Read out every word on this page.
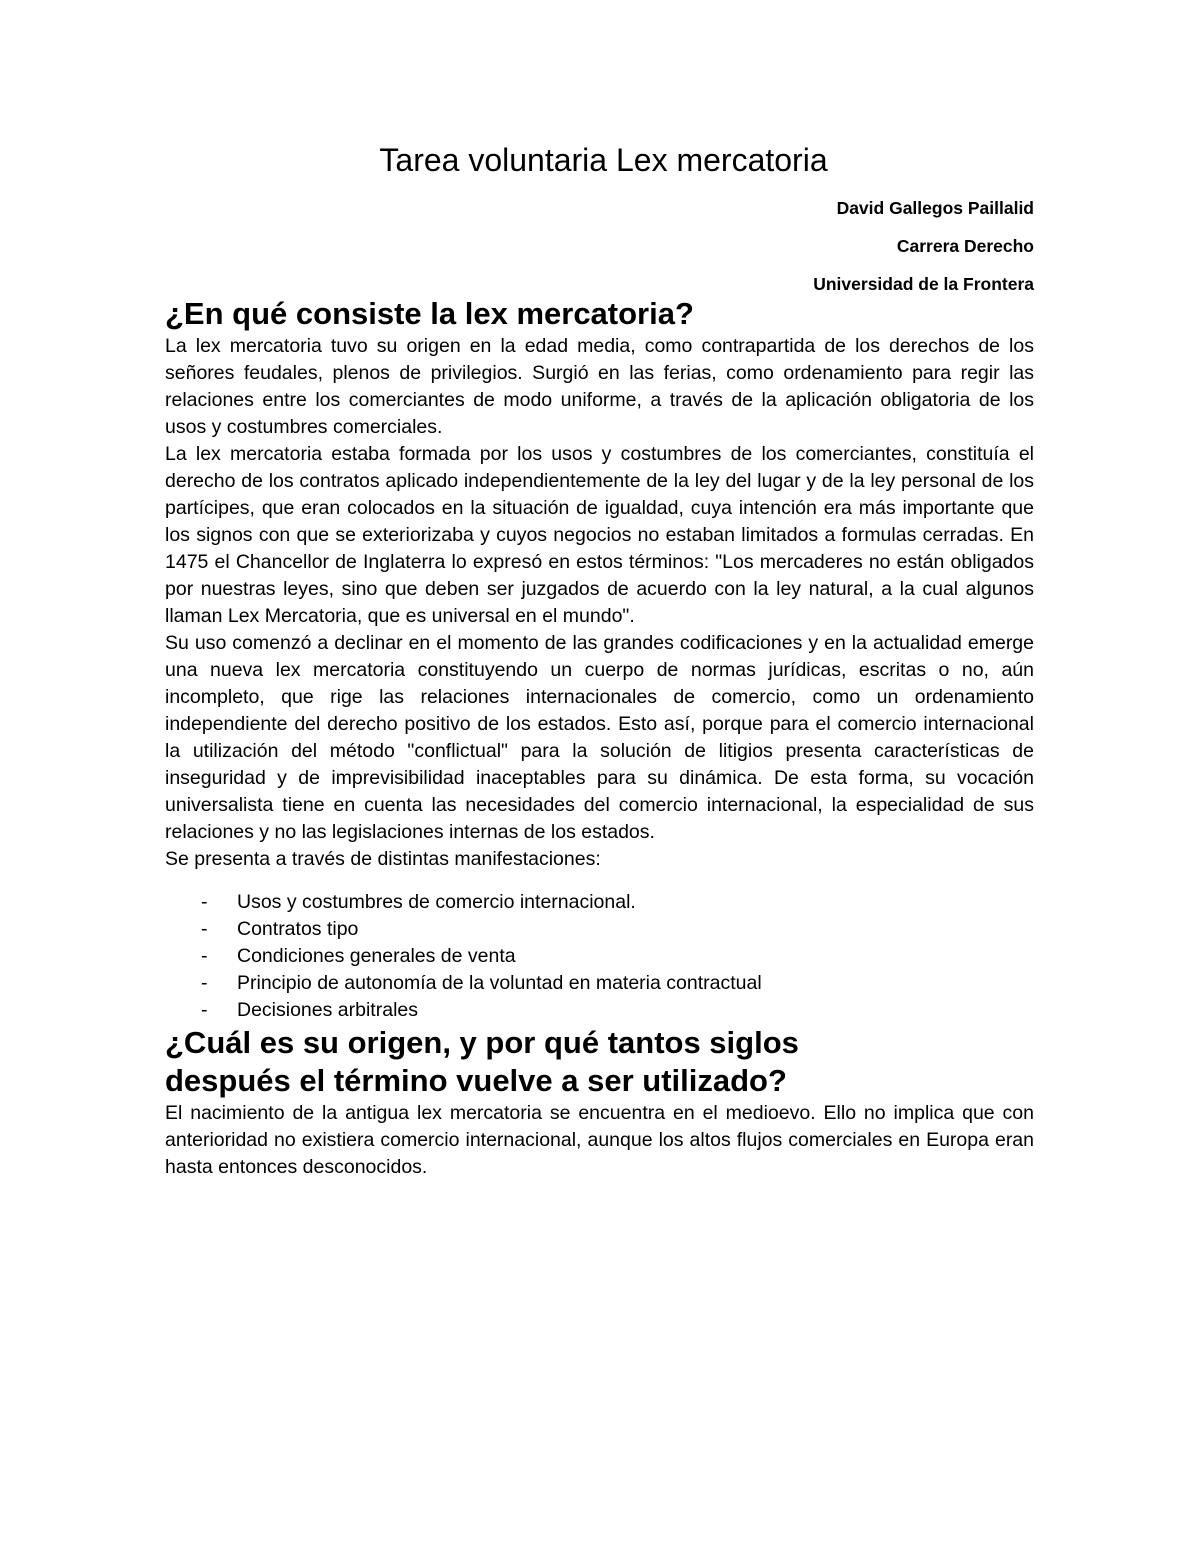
Tarea voluntaria Lex mercatoria

David Gallegos Paillalid

Carrera Derecho

Universidad de la Frontera

¿En qué consiste la lex mercatoria?

La lex mercatoria tuvo su origen en la edad media, como contrapartida de los derechos de los señores feudales, plenos de privilegios. Surgió en las ferias, como ordenamiento para regir las relaciones entre los comerciantes de modo uniforme, a través de la aplicación obligatoria de los usos y costumbres comerciales.

La lex mercatoria estaba formada por los usos y costumbres de los comerciantes, constituía el derecho de los contratos aplicado independientemente de la ley del lugar y de la ley personal de los partícipes, que eran colocados en la situación de igualdad, cuya intención era más importante que los signos con que se exteriorizaba y cuyos negocios no estaban limitados a formulas cerradas. En 1475 el Chancellor de Inglaterra lo expresó en estos términos: "Los mercaderes no están obligados por nuestras leyes, sino que deben ser juzgados de acuerdo con la ley natural, a la cual algunos llaman Lex Mercatoria, que es universal en el mundo".

Su uso comenzó a declinar en el momento de las grandes codificaciones y en la actualidad emerge una nueva lex mercatoria constituyendo un cuerpo de normas jurídicas, escritas o no, aún incompleto, que rige las relaciones internacionales de comercio, como un ordenamiento independiente del derecho positivo de los estados. Esto así, porque para el comercio internacional la utilización del método "conflictual" para la solución de litigios presenta características de inseguridad y de imprevisibilidad inaceptables para su dinámica. De esta forma, su vocación universalista tiene en cuenta las necesidades del comercio internacional, la especialidad de sus relaciones y no las legislaciones internas de los estados.

Se presenta a través de distintas manifestaciones:

-	Usos y costumbres de comercio internacional.
-	Contratos tipo
-	Condiciones generales de venta
-	Principio de autonomía de la voluntad en materia contractual
-	Decisiones arbitrales
¿Cuál es su origen, y por qué tantos siglos
después el término vuelve a ser utilizado?

El nacimiento de la antigua lex mercatoria se encuentra en el medioevo. Ello no implica que con anterioridad no existiera comercio internacional, aunque los altos flujos comerciales en Europa eran hasta entonces desconocidos.
